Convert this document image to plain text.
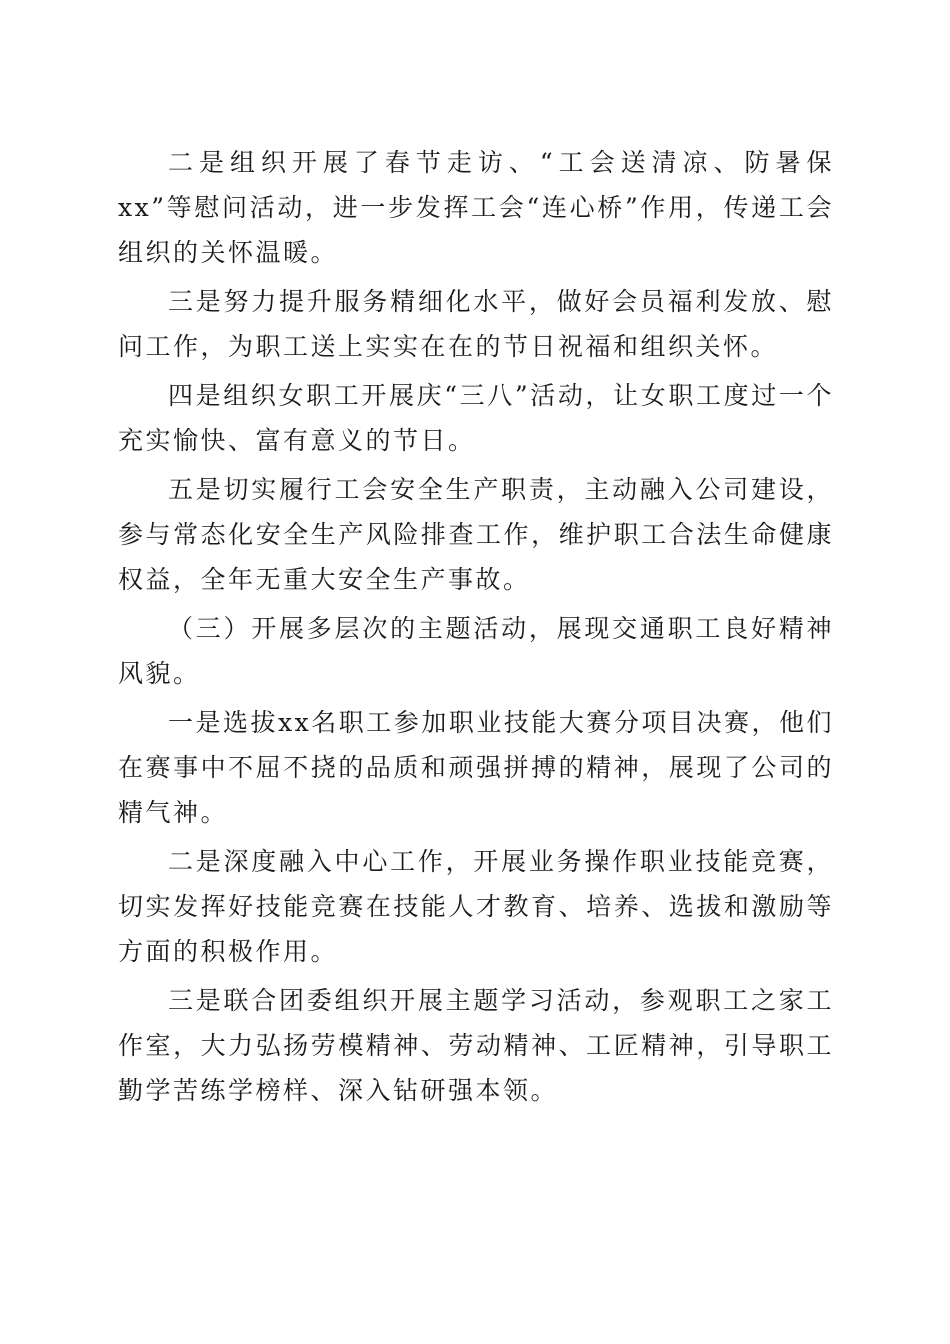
二是组织开展了春节走访、“工会送清凉、防暑保xx”等慰问活动，进一步发挥工会“连心桥”作用，传递工会组织的关怀温暖。

三是努力提升服务精细化水平，做好会员福利发放、慰问工作，为职工送上实实在在的节日祝福和组织关怀。

四是组织女职工开展庆“三八”活动，让女职工度过一个充实愉快、富有意义的节日。

五是切实履行工会安全生产职责，主动融入公司建设，参与常态化安全生产风险排查工作，维护职工合法生命健康权益，全年无重大安全生产事故。

（三）开展多层次的主题活动，展现交通职工良好精神风貌。

一是选拔xx名职工参加职业技能大赛分项目决赛，他们在赛事中不屈不挠的品质和顽强拼搏的精神，展现了公司的精气神。

二是深度融入中心工作，开展业务操作职业技能竞赛，切实发挥好技能竞赛在技能人才教育、培养、选拔和激励等方面的积极作用。

三是联合团委组织开展主题学习活动，参观职工之家工作室，大力弘扬劳模精神、劳动精神、工匠精神，引导职工勤学苦练学榜样、深入钻研强本领。
